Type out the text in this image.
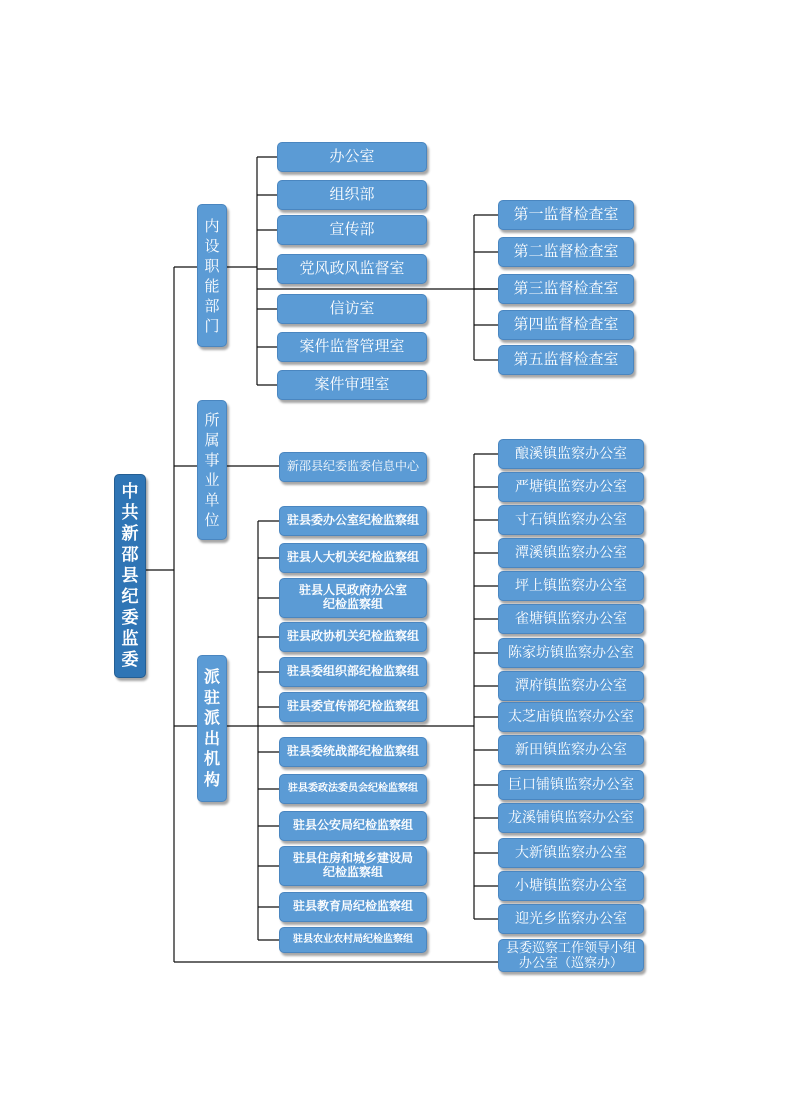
中共新邵县纪委监委
内设职能部门
所属事业单位
派驻派出机构
县委巡察工作领导小组办公室（巡察办）
办公室
组织部
宣传部
党风政风监督室
信访室
案件监督管理室
案件审理室
第一监督检查室
第二监督检查室
第三监督检查室
第四监督检查室
第五监督检查室
新邵县纪委监委信息中心
驻县委办公室纪检监察组
驻县人大机关纪检监察组
驻县人民政府办公室
纪检监察组
驻县政协机关纪检监察组
驻县委组织部纪检监察组
驻县委宣传部纪检监察组
驻县委统战部纪检监察组
驻县委政法委员会纪检监察组
驻县公安局纪检监察组
驻县住房和城乡建设局
纪检监察组
驻县教育局纪检监察组
驻县农业农村局纪检监察组
酿溪镇监察办公室
严塘镇监察办公室
寸石镇监察办公室
潭溪镇监察办公室
坪上镇监察办公室
雀塘镇监察办公室
陈家坊镇监察办公室
潭府镇监察办公室
太芝庙镇监察办公室
新田镇监察办公室
巨口铺镇监察办公室
龙溪铺镇监察办公室
大新镇监察办公室
小塘镇监察办公室
迎光乡监察办公室
